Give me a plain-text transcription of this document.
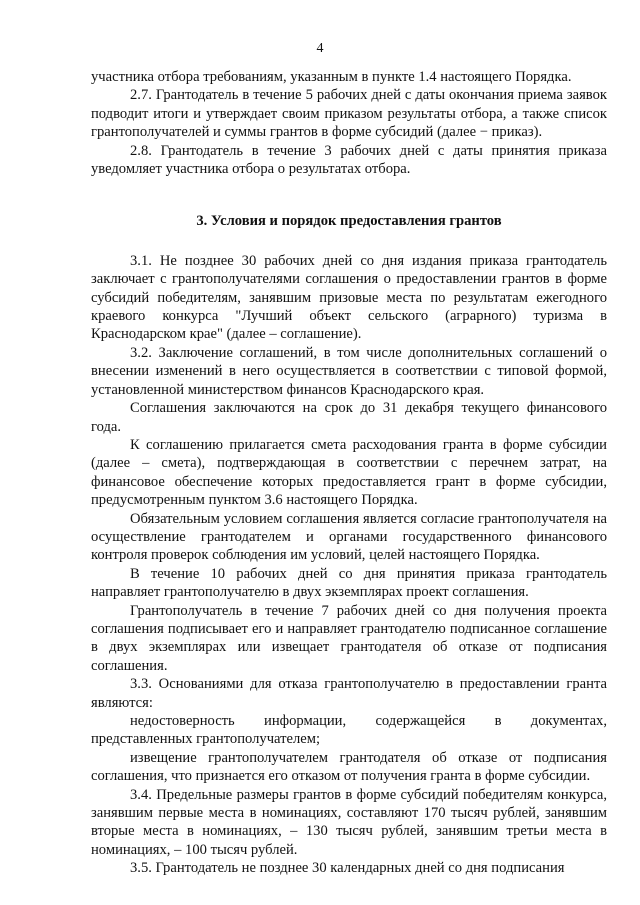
4

участника отбора требованиям, указанным в пункте 1.4 настоящего Порядка.

2.7. Грантодатель в течение 5 рабочих дней с даты окончания приема заявок подводит итоги и утверждает своим приказом результаты отбора, а также список грантополучателей и суммы грантов в форме субсидий (далее − приказ).

2.8. Грантодатель в течение 3 рабочих дней с даты принятия приказа уведомляет участника отбора о результатах отбора.

3. Условия и порядок предоставления грантов

3.1. Не позднее 30 рабочих дней со дня издания приказа грантодатель заключает с грантополучателями соглашения о предоставлении грантов в форме субсидий победителям, занявшим призовые места по результатам ежегодного краевого конкурса "Лучший объект сельского (аграрного) туризма в Краснодарском крае" (далее – соглашение).

3.2. Заключение соглашений, в том числе дополнительных соглашений о внесении изменений в него осуществляется в соответствии с типовой формой, установленной министерством финансов Краснодарского края.

Соглашения заключаются на срок до 31 декабря текущего финансового года.

К соглашению прилагается смета расходования гранта в форме субсидии (далее – смета), подтверждающая в соответствии с перечнем затрат, на финансовое обеспечение которых предоставляется грант в форме субсидии, предусмотренным пунктом 3.6 настоящего Порядка.

Обязательным условием соглашения является согласие грантополучателя на осуществление грантодателем и органами государственного финансового контроля проверок соблюдения им условий, целей настоящего Порядка.

В течение 10 рабочих дней со дня принятия приказа грантодатель направляет грантополучателю в двух экземплярах проект соглашения.

Грантополучатель в течение 7 рабочих дней со дня получения проекта соглашения подписывает его и направляет грантодателю подписанное соглашение в двух экземплярах или извещает грантодателя об отказе от подписания соглашения.

3.3. Основаниями для отказа грантополучателю в предоставлении гранта являются:

недостоверность информации, содержащейся в документах, представленных грантополучателем;

извещение грантополучателем грантодателя об отказе от подписания соглашения, что признается его отказом от получения гранта в форме субсидии.

3.4. Предельные размеры грантов в форме субсидий победителям конкурса, занявшим первые места в номинациях, составляют 170 тысяч рублей, занявшим вторые места в номинациях, – 130 тысяч рублей, занявшим третьи места в номинациях, – 100 тысяч рублей.

3.5. Грантодатель не позднее 30 календарных дней со дня подписания
